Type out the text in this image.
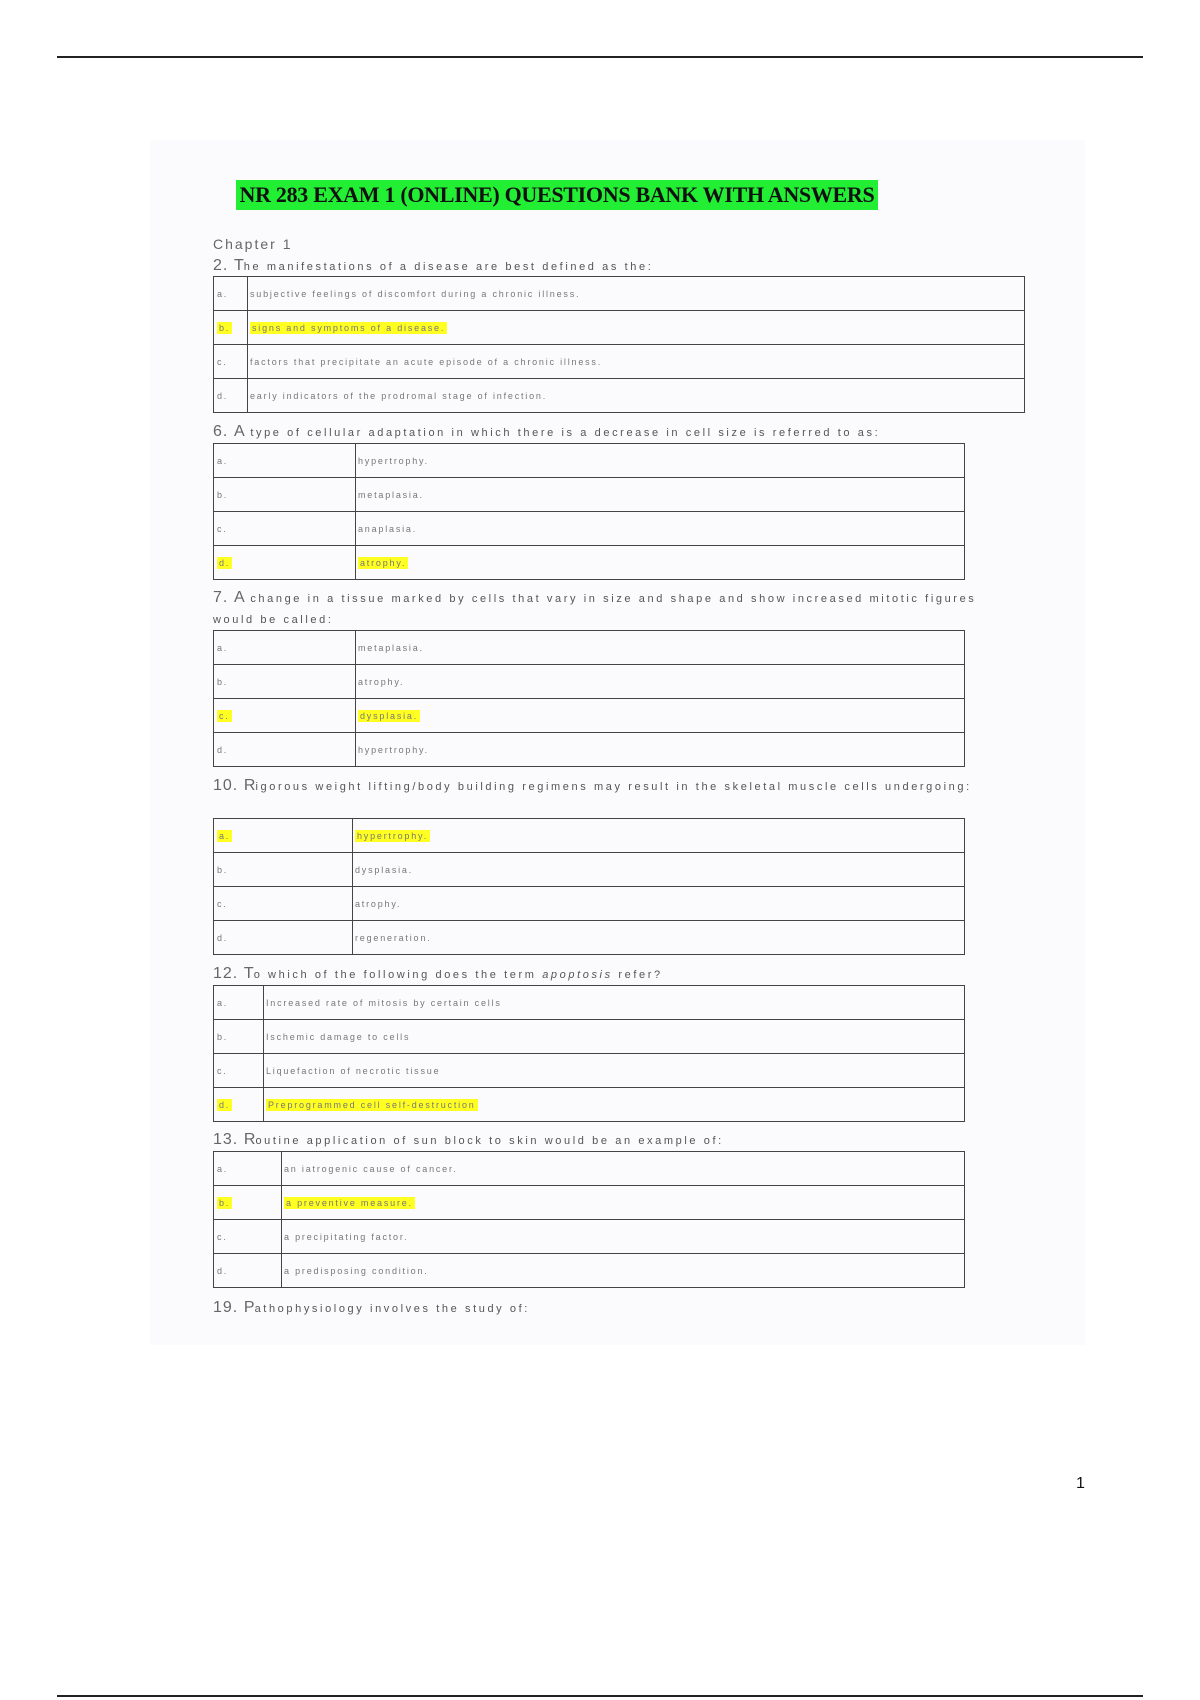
NR 283 EXAM 1 (ONLINE) QUESTIONS BANK WITH ANSWERS
Chapter 1
2. The manifestations of a disease are best defined as the:
a.	subjective feelings of discomfort during a chronic illness.
b.	signs and symptoms of a disease.
c.	factors that precipitate an acute episode of a chronic illness.
d.	early indicators of the prodromal stage of infection.
6. A type of cellular adaptation in which there is a decrease in cell size is referred to as:
a.	hypertrophy.
b.	metaplasia.
c.	anaplasia.
d.	atrophy.
7. A change in a tissue marked by cells that vary in size and shape and show increased mitotic figures would be called:
a.	metaplasia.
b.	atrophy.
c.	dysplasia.
d.	hypertrophy.
10. Rigorous weight lifting/body building regimens may result in the skeletal muscle cells undergoing:
a.	hypertrophy.
b.	dysplasia.
c.	atrophy.
d.	regeneration.
12. To which of the following does the term apoptosis refer?
a.	Increased rate of mitosis by certain cells
b.	Ischemic damage to cells
c.	Liquefaction of necrotic tissue
d.	Preprogrammed cell self-destruction
13. Routine application of sun block to skin would be an example of:
a.	an iatrogenic cause of cancer.
b.	a preventive measure.
c.	a precipitating factor.
d.	a predisposing condition.
19. Pathophysiology involves the study of:
1
